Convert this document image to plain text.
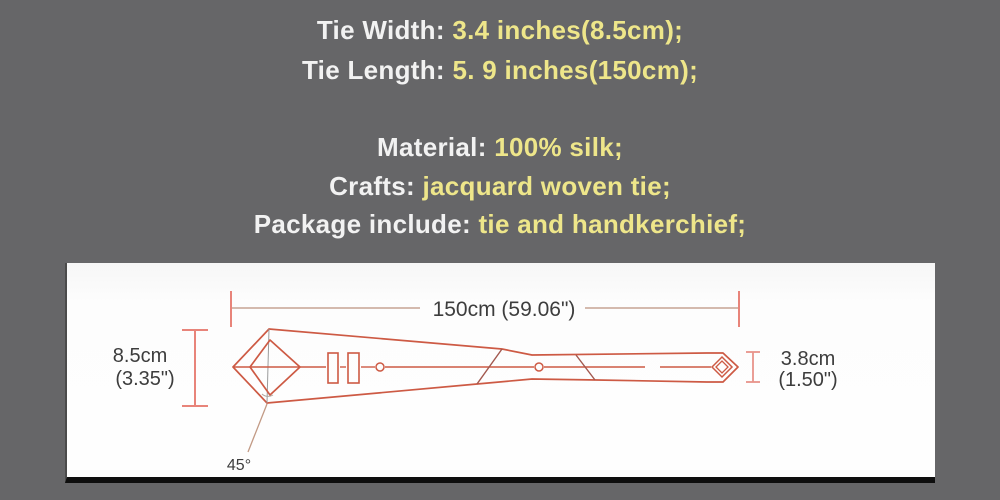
Tie Width: 3.4 inches(8.5cm);
Tie Length: 5. 9 inches(150cm);
Material: 100% silk;
Crafts: jacquard woven tie;
Package include: tie and handkerchief;
150cm (59.06")
8.5cm
(3.35")
3.8cm
(1.50")
45°
